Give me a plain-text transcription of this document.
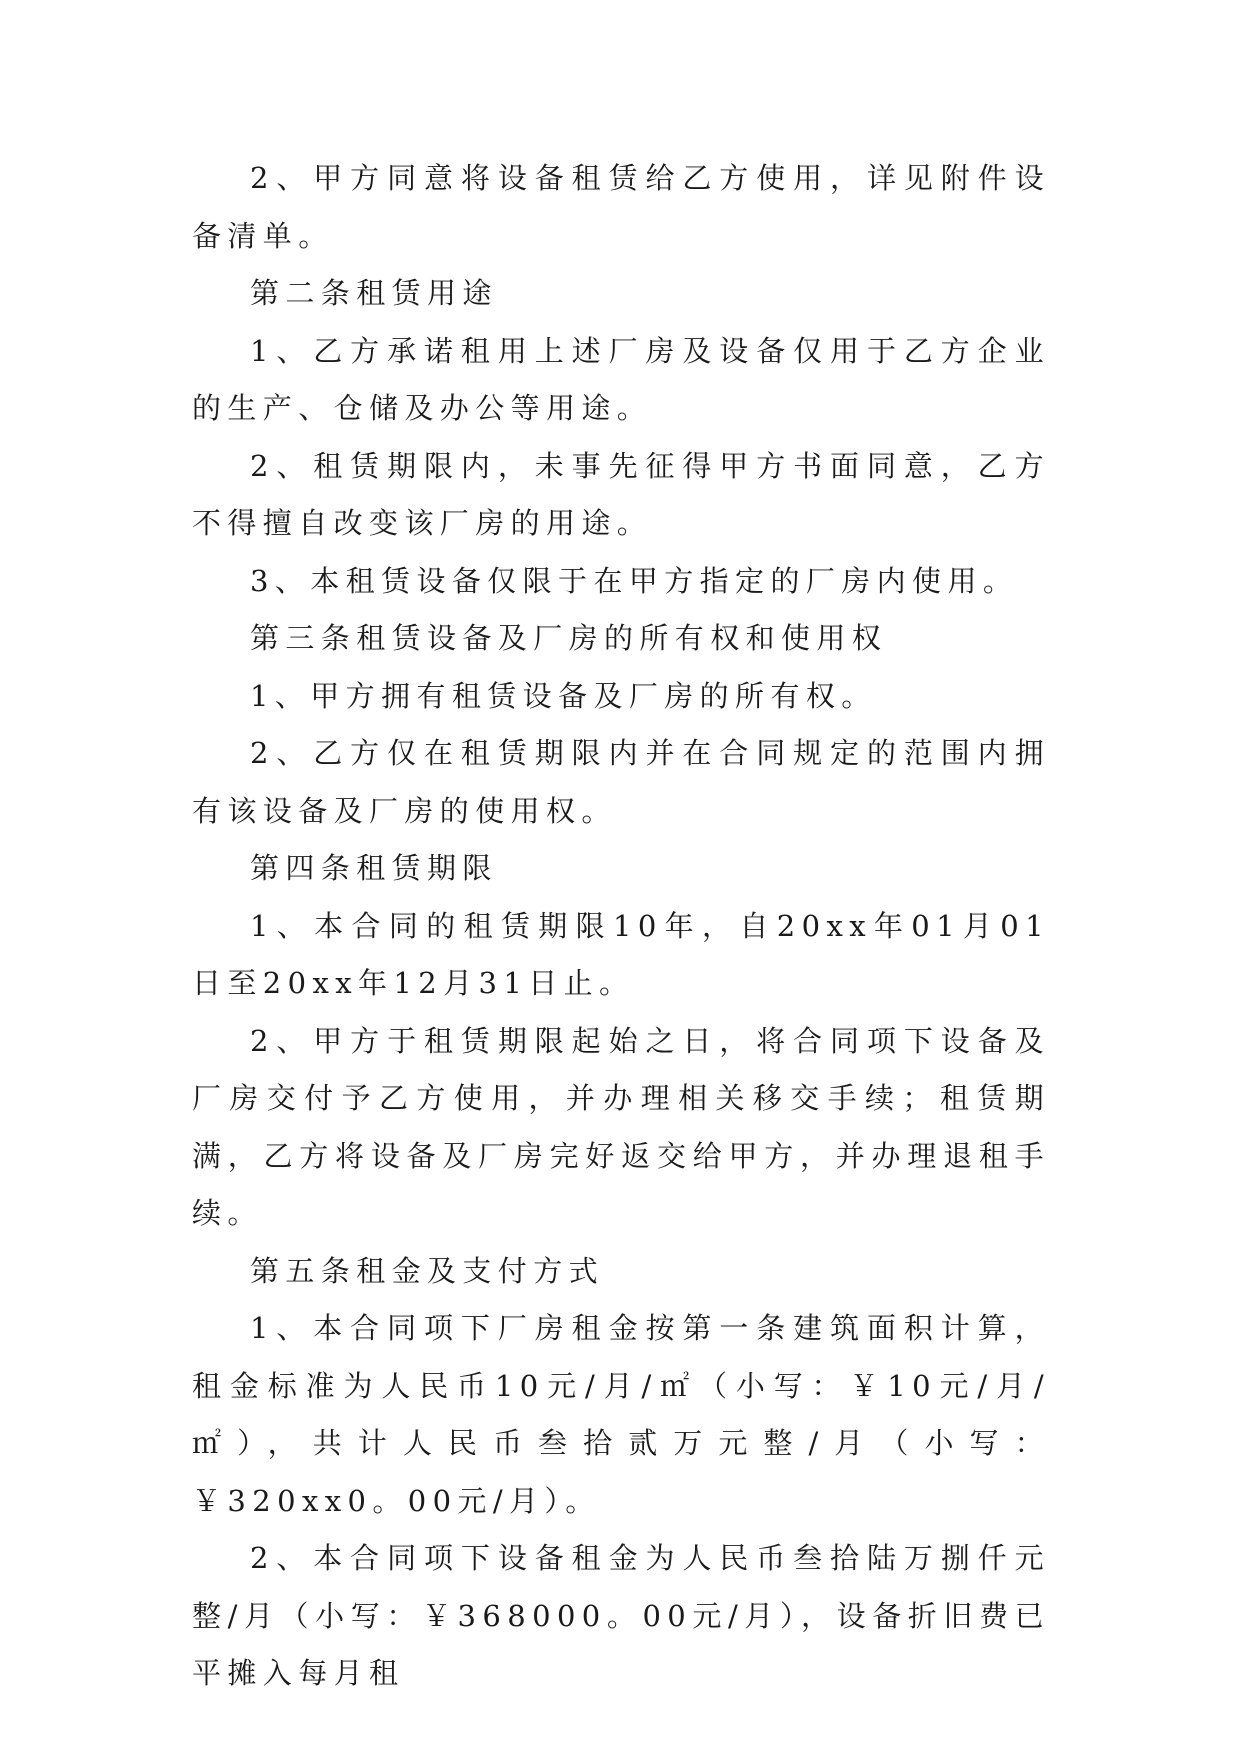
2、甲方同意将设备租赁给乙方使用，详见附件设备清单。

第二条租赁用途

1、乙方承诺租用上述厂房及设备仅用于乙方企业的生产、仓储及办公等用途。

2、租赁期限内，未事先征得甲方书面同意，乙方不得擅自改变该厂房的用途。

3、本租赁设备仅限于在甲方指定的厂房内使用。

第三条租赁设备及厂房的所有权和使用权

1、甲方拥有租赁设备及厂房的所有权。

2、乙方仅在租赁期限内并在合同规定的范围内拥有该设备及厂房的使用权。

第四条租赁期限

1、本合同的租赁期限10年，自20xx年01月01日至20xx年12月31日止。

2、甲方于租赁期限起始之日，将合同项下设备及厂房交付予乙方使用，并办理相关移交手续；租赁期满，乙方将设备及厂房完好返交给甲方，并办理退租手续。

第五条租金及支付方式

1、本合同项下厂房租金按第一条建筑面积计算，租金标准为人民币10元/月/㎡（小写：￥10元/月/㎡），共计人民币叁拾贰万元整/月（小写：￥320xx0。00元/月）。

2、本合同项下设备租金为人民币叁拾陆万捌仟元整/月（小写：￥368000。00元/月），设备折旧费已平摊入每月租
